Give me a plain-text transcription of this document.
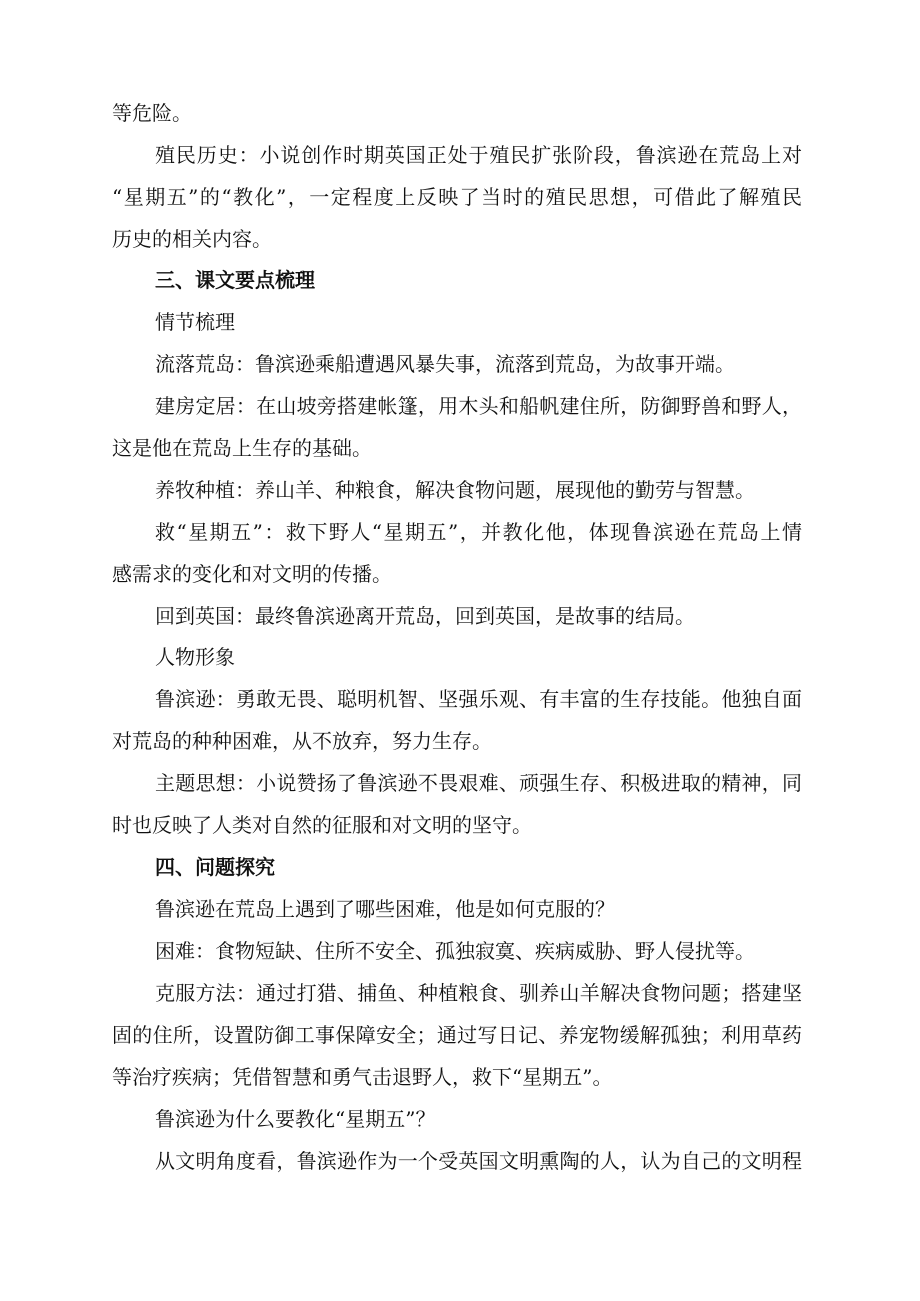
等危险。
殖民历史：小说创作时期英国正处于殖民扩张阶段，鲁滨逊在荒岛上对
“星期五”的“教化”，一定程度上反映了当时的殖民思想，可借此了解殖民
历史的相关内容。
三、课文要点梳理
情节梳理
流落荒岛：鲁滨逊乘船遭遇风暴失事，流落到荒岛，为故事开端。
建房定居：在山坡旁搭建帐篷，用木头和船帆建住所，防御野兽和野人，
这是他在荒岛上生存的基础。
养牧种植：养山羊、种粮食，解决食物问题，展现他的勤劳与智慧。
救“星期五”：救下野人“星期五”，并教化他，体现鲁滨逊在荒岛上情
感需求的变化和对文明的传播。
回到英国：最终鲁滨逊离开荒岛，回到英国，是故事的结局。
人物形象
鲁滨逊：勇敢无畏、聪明机智、坚强乐观、有丰富的生存技能。他独自面
对荒岛的种种困难，从不放弃，努力生存。
主题思想：小说赞扬了鲁滨逊不畏艰难、顽强生存、积极进取的精神，同
时也反映了人类对自然的征服和对文明的坚守。
四、问题探究
鲁滨逊在荒岛上遇到了哪些困难，他是如何克服的？
困难：食物短缺、住所不安全、孤独寂寞、疾病威胁、野人侵扰等。
克服方法：通过打猎、捕鱼、种植粮食、驯养山羊解决食物问题；搭建坚
固的住所，设置防御工事保障安全；通过写日记、养宠物缓解孤独；利用草药
等治疗疾病；凭借智慧和勇气击退野人，救下“星期五”。
鲁滨逊为什么要教化“星期五”？
从文明角度看，鲁滨逊作为一个受英国文明熏陶的人，认为自己的文明程
